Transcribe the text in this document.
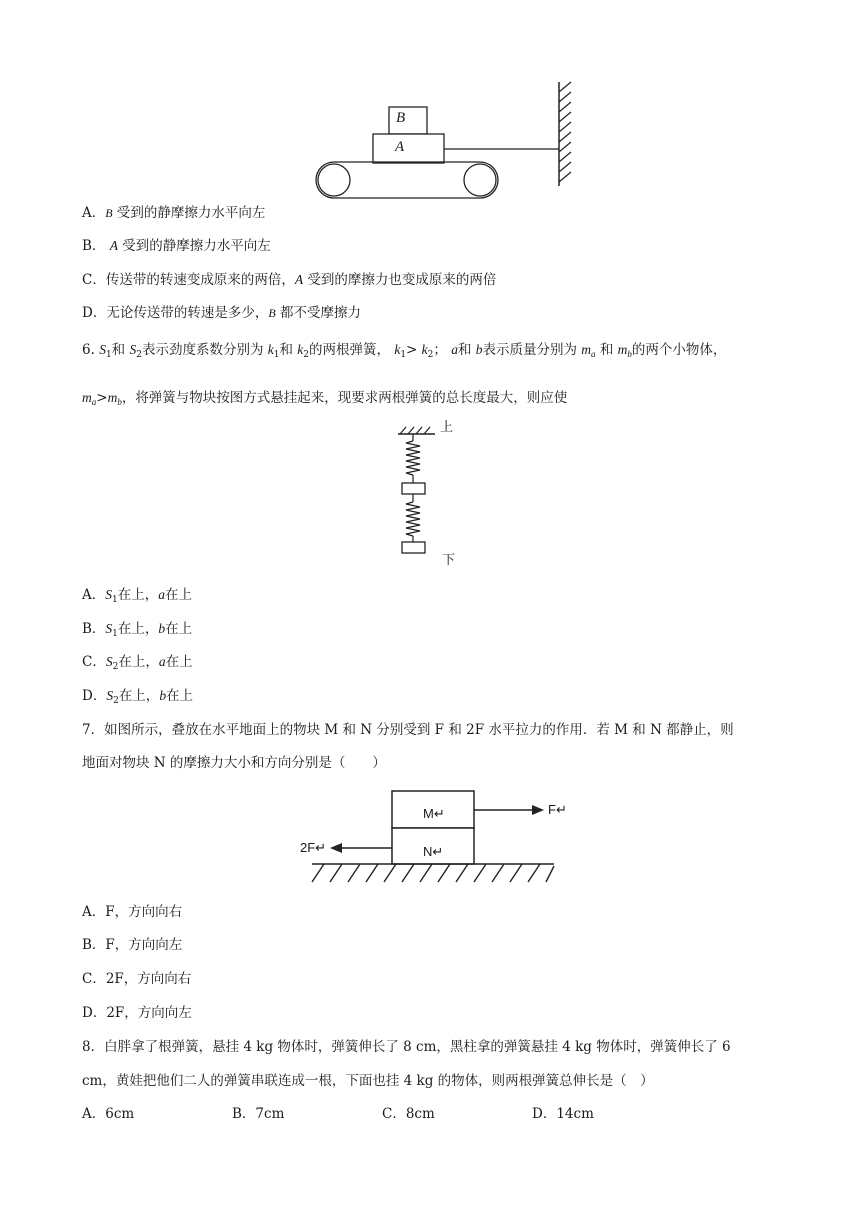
B
A
A．B 受到的静摩擦力水平向左
B． A 受到的静摩擦力水平向左
C．传送带的转速变成原来的两倍，A 受到的摩擦力也变成原来的两倍
D．无论传送带的转速是多少，B 都不受摩擦力
6. $S_1$和 $S_2$表示劲度系数分别为 $k_1$和 $k_2$的两根弹簧， $k_1> k_2$； a和 b表示质量分别为 $m_a$ 和 $m_b$的两个小物体，
$m_a>m_b$，将弹簧与物块按图方式悬挂起来，现要求两根弹簧的总长度最大，则应使
上
下
A．$S_1$在上，a在上
B．$S_1$在上，b在上
C．$S_2$在上，a在上
D．$S_2$在上，b在上
7．如图所示，叠放在水平地面上的物块 M 和 N 分别受到 F 和 2F 水平拉力的作用．若 M 和 N 都静止，则
地面对物块 N 的摩擦力大小和方向分别是（　　）
M↵
N↵
F↵
2F↵
A．F，方向向右
B．F，方向向左
C．2F，方向向右
D．2F，方向向左
8．白胖拿了根弹簧，悬挂 4 kg 物体时，弹簧伸长了 8 cm，黑柱拿的弹簧悬挂 4 kg 物体时，弹簧伸长了 6
cm，黄娃把他们二人的弹簧串联连成一根，下面也挂 4 kg 的物体，则两根弹簧总伸长是（　）
A．6cm	B．7cm	C．8cm	D．14cm
